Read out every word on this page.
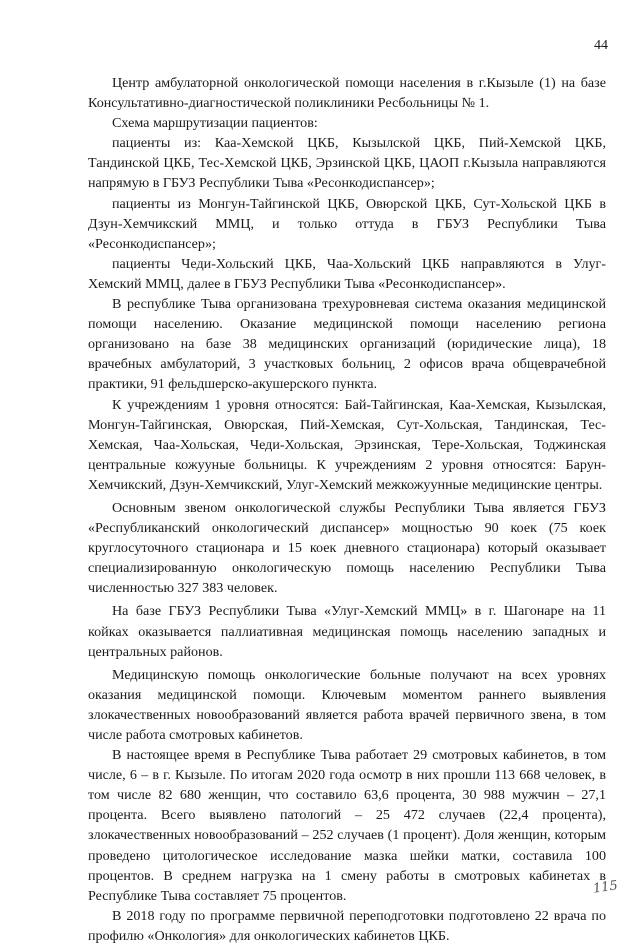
44

Центр амбулаторной онкологической помощи населения в г.Кызыле (1) на базе Консультативно-диагностической поликлиники Ресбольницы № 1.

Схема маршрутизации пациентов:

пациенты из: Каа-Хемской ЦКБ, Кызылской ЦКБ, Пий-Хемской ЦКБ, Тандинской ЦКБ, Тес-Хемской ЦКБ, Эрзинской ЦКБ, ЦАОП г.Кызыла направляются напрямую в ГБУЗ Республики Тыва «Ресонкодиспансер»;

пациенты из Монгун-Тайгинской ЦКБ, Овюрской ЦКБ, Сут-Хольской ЦКБ в Дзун-Хемчикский ММЦ, и только оттуда в ГБУЗ Республики Тыва «Ресонкодиспансер»;

пациенты Чеди-Хольский ЦКБ, Чаа-Хольский ЦКБ направляются в Улуг-Хемский ММЦ, далее в ГБУЗ Республики Тыва «Ресонкодиспансер».

В республике Тыва организована трехуровневая система оказания медицинской помощи населению. Оказание медицинской помощи населению региона организовано на базе 38 медицинских организаций (юридические лица), 18 врачебных амбулаторий, 3 участковых больниц, 2 офисов врача общеврачебной практики, 91 фельдшерско-акушерского пункта.

К учреждениям 1 уровня относятся: Бай-Тайгинская, Каа-Хемская, Кызылская, Монгун-Тайгинская, Овюрская, Пий-Хемская, Сут-Хольская, Тандинская, Тес-Хемская, Чаа-Хольская, Чеди-Хольская, Эрзинская, Тере-Хольская, Тоджинская центральные кожууные больницы. К учреждениям 2 уровня относятся: Барун-Хемчикский, Дзун-Хемчикский, Улуг-Хемский межкожуунные медицинские центры.

Основным звеном онкологической службы Республики Тыва является ГБУЗ «Республиканский онкологический диспансер» мощностью 90 коек (75 коек круглосуточного стационара и 15 коек дневного стационара) который оказывает специализированную онкологическую помощь населению Республики Тыва численностью 327 383 человек.

На базе ГБУЗ Республики Тыва «Улуг-Хемский ММЦ» в г. Шагонаре на 11 койках оказывается паллиативная медицинская помощь населению западных и центральных районов.

Медицинскую помощь онкологические больные получают на всех уровнях оказания медицинской помощи. Ключевым моментом раннего выявления злокачественных новообразований является работа врачей первичного звена, в том числе работа смотровых кабинетов.

В настоящее время в Республике Тыва работает 29 смотровых кабинетов, в том числе, 6 – в г. Кызыле. По итогам 2020 года осмотр в них прошли 113 668 человек, в том числе 82 680 женщин, что составило 63,6 процента, 30 988 мужчин – 27,1 процента. Всего выявлено патологий – 25 472 случаев (22,4 процента), злокачественных новообразований – 252 случаев (1 процент). Доля женщин, которым проведено цитологическое исследование мазка шейки матки, составила 100 процентов. В среднем нагрузка на 1 смену работы в смотровых кабинетах в Республике Тыва составляет 75 процентов.

В 2018 году по программе первичной переподготовки подготовлено 22 врача по профилю «Онкология» для онкологических кабинетов ЦКБ.

115
